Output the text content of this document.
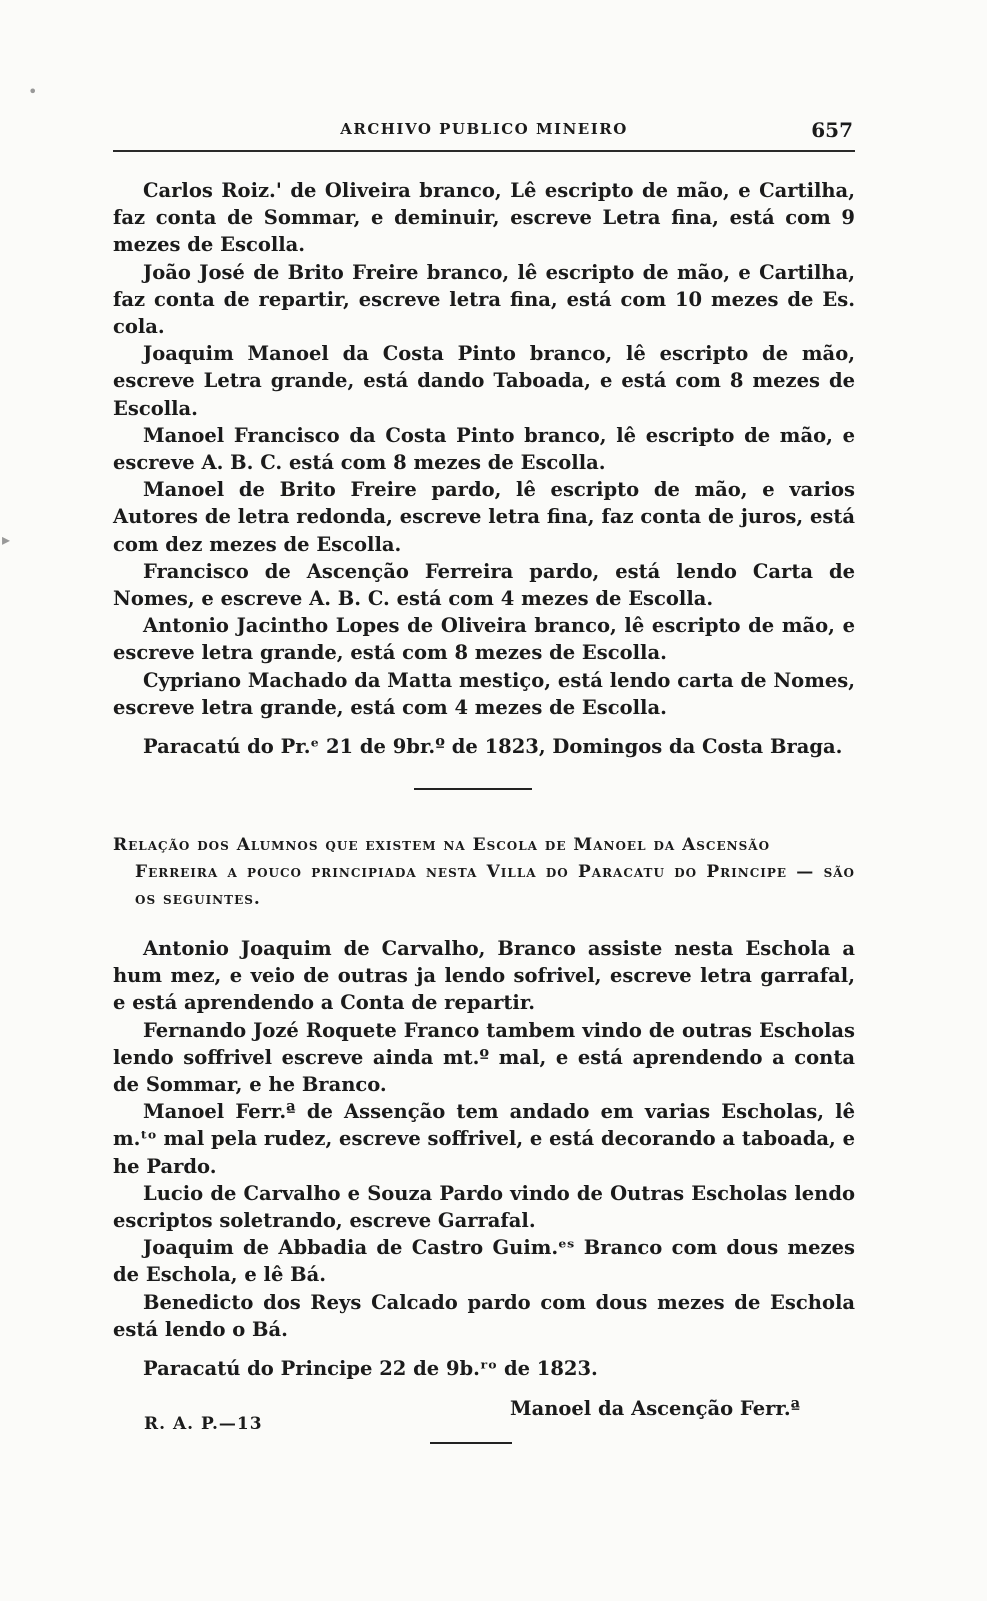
ARCHIVO PUBLICO MINEIRO	657

Carlos Roiz.' de Oliveira branco, Lê escripto de mão, e Cartilha, faz conta de Sommar, e deminuir, escreve Letra fina, está com 9 mezes de Escolla.

João José de Brito Freire branco, lê escripto de mão, e Cartilha, faz conta de repartir, escreve letra fina, está com 10 mezes de Es. cola.

Joaquim Manoel da Costa Pinto branco, lê escripto de mão, escreve Letra grande, está dando Taboada, e está com 8 mezes de Escolla.

Manoel Francisco da Costa Pinto branco, lê escripto de mão, e escreve A. B. C. está com 8 mezes de Escolla.

Manoel de Brito Freire pardo, lê escripto de mão, e varios Autores de letra redonda, escreve letra fina, faz conta de juros, está com dez mezes de Escolla.

Francisco de Ascenção Ferreira pardo, está lendo Carta de Nomes, e escreve A. B. C. está com 4 mezes de Escolla.

Antonio Jacintho Lopes de Oliveira branco, lê escripto de mão, e escreve letra grande, está com 8 mezes de Escolla.

Cypriano Machado da Matta mestiço, está lendo carta de Nomes, escreve letra grande, está com 4 mezes de Escolla.

Paracatú do Pr.ᵉ 21 de 9br.º de 1823, Domingos da Costa Braga.

Relação dos Alumnos que existem na Escola de Manoel da Ascensão
Ferreira a pouco principiada nesta Villa do Paracatu do Principe — são os seguintes.

Antonio Joaquim de Carvalho, Branco assiste nesta Eschola a hum mez, e veio de outras ja lendo sofrivel, escreve letra garrafal, e está aprendendo a Conta de repartir.

Fernando Jozé Roquete Franco tambem vindo de outras Escholas lendo soffrivel escreve ainda mt.º mal, e está aprendendo a conta de Sommar, e he Branco.

Manoel Ferr.ª de Assenção tem andado em varias Escholas, lê m.ᵗᵒ mal pela rudez, escreve soffrivel, e está decorando a taboada, e he Pardo.

Lucio de Carvalho e Souza Pardo vindo de Outras Escholas lendo escriptos soletrando, escreve Garrafal.

Joaquim de Abbadia de Castro Guim.ᵉˢ Branco com dous mezes de Eschola, e lê Bá.

Benedicto dos Reys Calcado pardo com dous mezes de Eschola está lendo o Bá.

Paracatú do Principe 22 de 9b.ʳᵒ de 1823.

Manoel da Ascenção Ferr.ª
R. A. P.—13
•
▸
